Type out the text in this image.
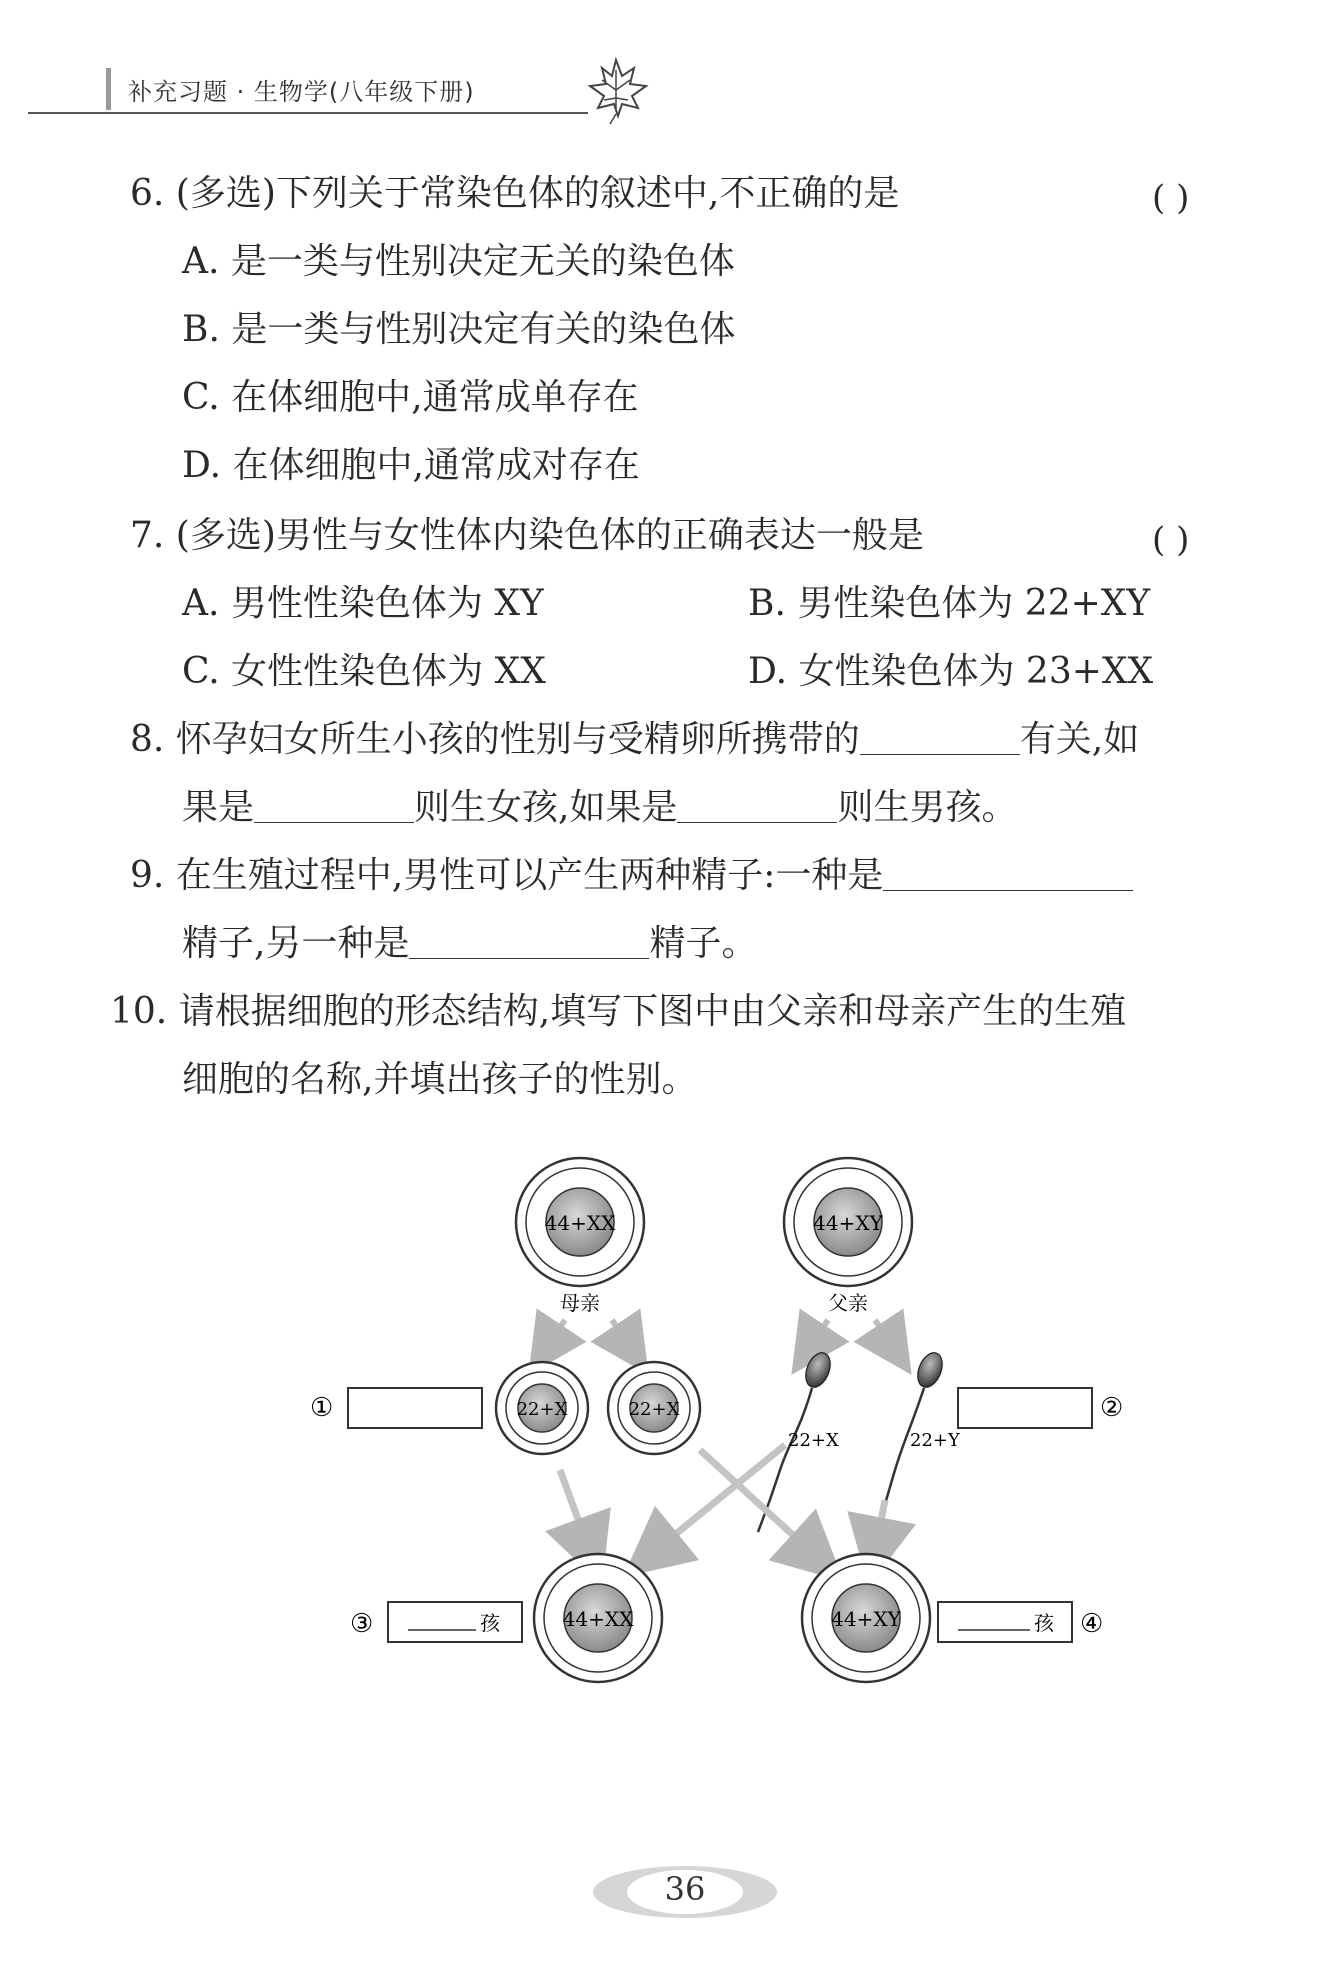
补充习题 · 生物学(八年级下册)
6. (多选)下列关于常染色体的叙述中,不正确的是	( )
A. 是一类与性别决定无关的染色体
B. 是一类与性别决定有关的染色体
C. 在体细胞中,通常成单存在
D. 在体细胞中,通常成对存在
7. (多选)男性与女性体内染色体的正确表达一般是	( )
A. 男性性染色体为 XY	B. 男性染色体为 22+XY
C. 女性性染色体为 XX	D. 女性染色体为 23+XX
8. 怀孕妇女所生小孩的性别与受精卵所携带的	有关,如
果是	则生女孩,如果是	则生男孩。
9. 在生殖过程中,男性可以产生两种精子:一种是
精子,另一种是	精子。
10. 请根据细胞的形态结构,填写下图中由父亲和母亲产生的生殖
细胞的名称,并填出孩子的性别。
44+XX
母亲
44+XY
父亲
22+X	22+X
22+X	22+Y
44+XX	44+XY
①	②
③	孩	孩 ④
36
